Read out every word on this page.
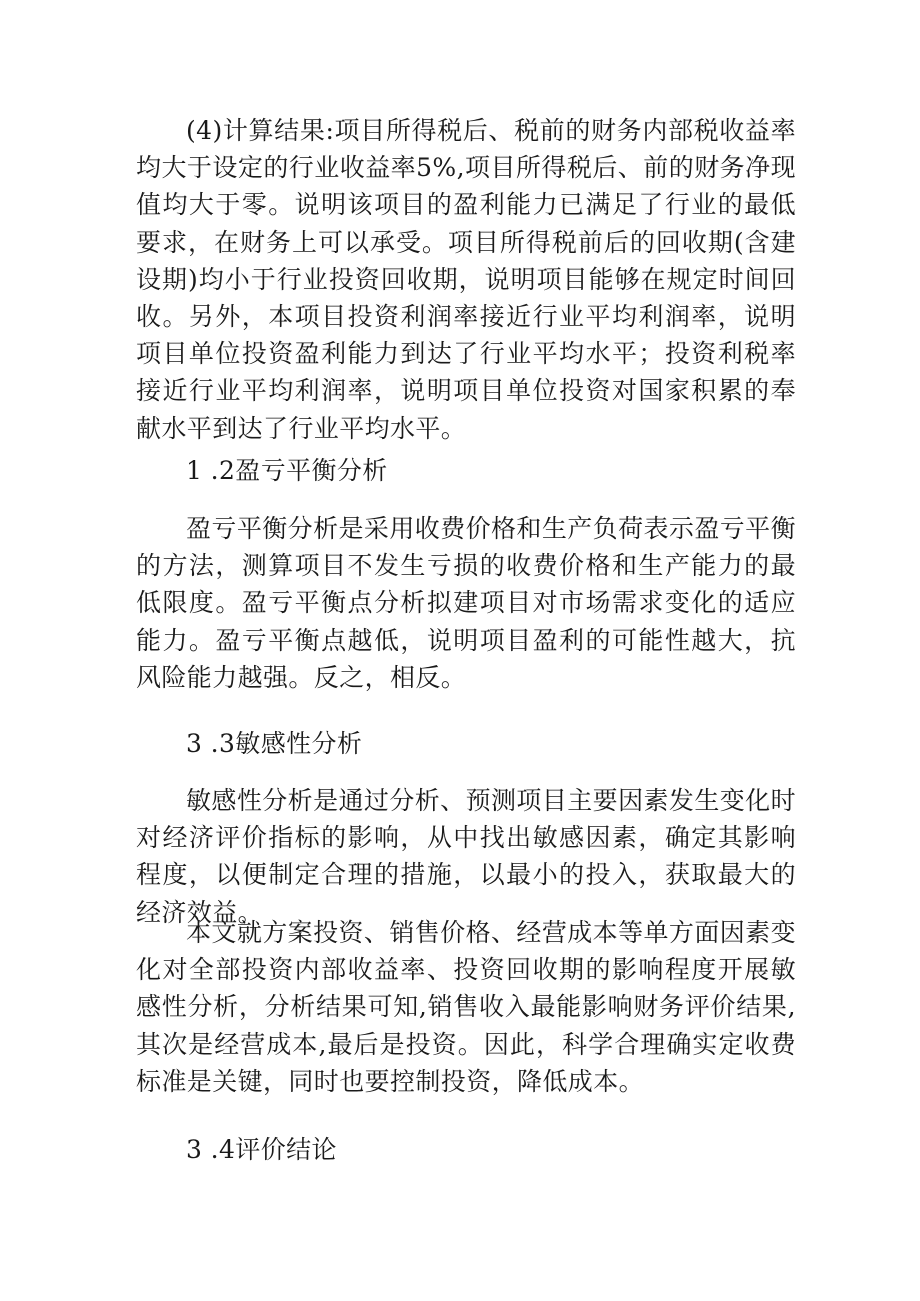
(4)计算结果:项目所得税后、税前的财务内部税收益率均大于设定的行业收益率5%,项目所得税后、前的财务净现值均大于零。说明该项目的盈利能力已满足了行业的最低要求，在财务上可以承受。项目所得税前后的回收期(含建设期)均小于行业投资回收期，说明项目能够在规定时间回收。另外，本项目投资利润率接近行业平均利润率，说明项目单位投资盈利能力到达了行业平均水平；投资利税率接近行业平均利润率，说明项目单位投资对国家积累的奉献水平到达了行业平均水平。

1 .2盈亏平衡分析

盈亏平衡分析是采用收费价格和生产负荷表示盈亏平衡的方法，测算项目不发生亏损的收费价格和生产能力的最低限度。盈亏平衡点分析拟建项目对市场需求变化的适应能力。盈亏平衡点越低，说明项目盈利的可能性越大，抗风险能力越强。反之，相反。

3 .3敏感性分析

敏感性分析是通过分析、预测项目主要因素发生变化时对经济评价指标的影响，从中找出敏感因素，确定其影响程度，以便制定合理的措施，以最小的投入，获取最大的经济效益。

本文就方案投资、销售价格、经营成本等单方面因素变化对全部投资内部收益率、投资回收期的影响程度开展敏感性分析，分析结果可知,销售收入最能影响财务评价结果,其次是经营成本,最后是投资。因此，科学合理确实定收费标准是关键，同时也要控制投资，降低成本。

3 .4评价结论
